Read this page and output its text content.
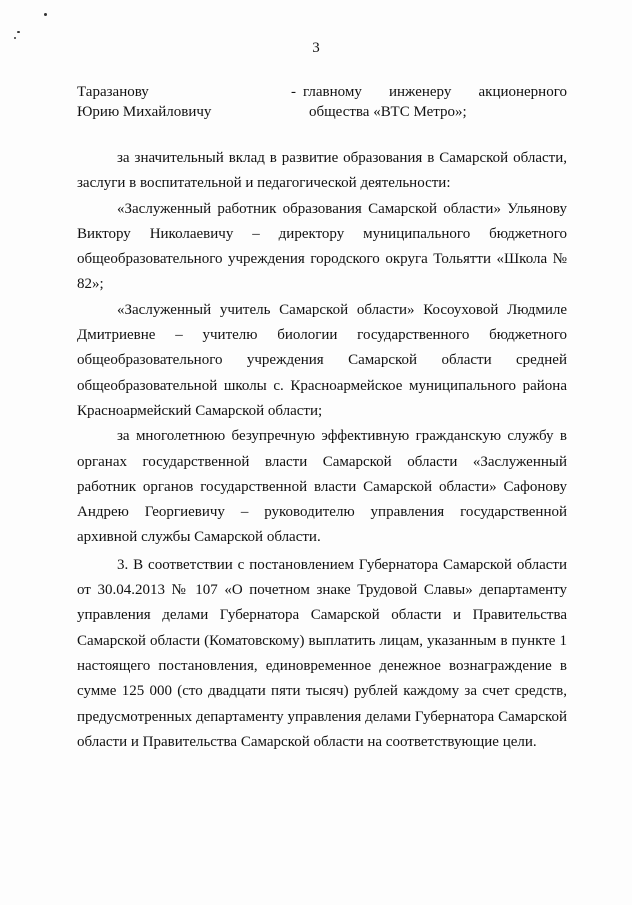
3
Таразанову
Юрию Михайловичу
- главному инженеру акционерного
общества «ВТС Метро»;

за значительный вклад в развитие образования в Самарской области, заслуги в воспитательной и педагогической деятельности:

«Заслуженный работник образования Самарской области» Ульянову Виктору Николаевичу – директору муниципального бюджетного общеобразовательного учреждения городского округа Тольятти «Школа № 82»;

«Заслуженный учитель Самарской области» Косоуховой Людмиле Дмитриевне – учителю биологии государственного бюджетного общеобразовательного учреждения Самарской области средней общеобразовательной школы с. Красноармейское муниципального района Красноармейский Самарской области;

за многолетнюю безупречную эффективную гражданскую службу в органах государственной власти Самарской области «Заслуженный работник органов государственной власти Самарской области» Сафонову Андрею Георгиевичу – руководителю управления государственной архивной службы Самарской области.

3. В соответствии с постановлением Губернатора Самарской области от 30.04.2013 № 107 «О почетном знаке Трудовой Славы» департаменту управления делами Губернатора Самарской области и Правительства Самарской области (Коматовскому) выплатить лицам, указанным в пункте 1 настоящего постановления, единовременное денежное вознаграждение в сумме 125 000 (сто двадцати пяти тысяч) рублей каждому за счет средств, предусмотренных департаменту управления делами Губернатора Самарской области и Правительства Самарской области на соответствующие цели.
